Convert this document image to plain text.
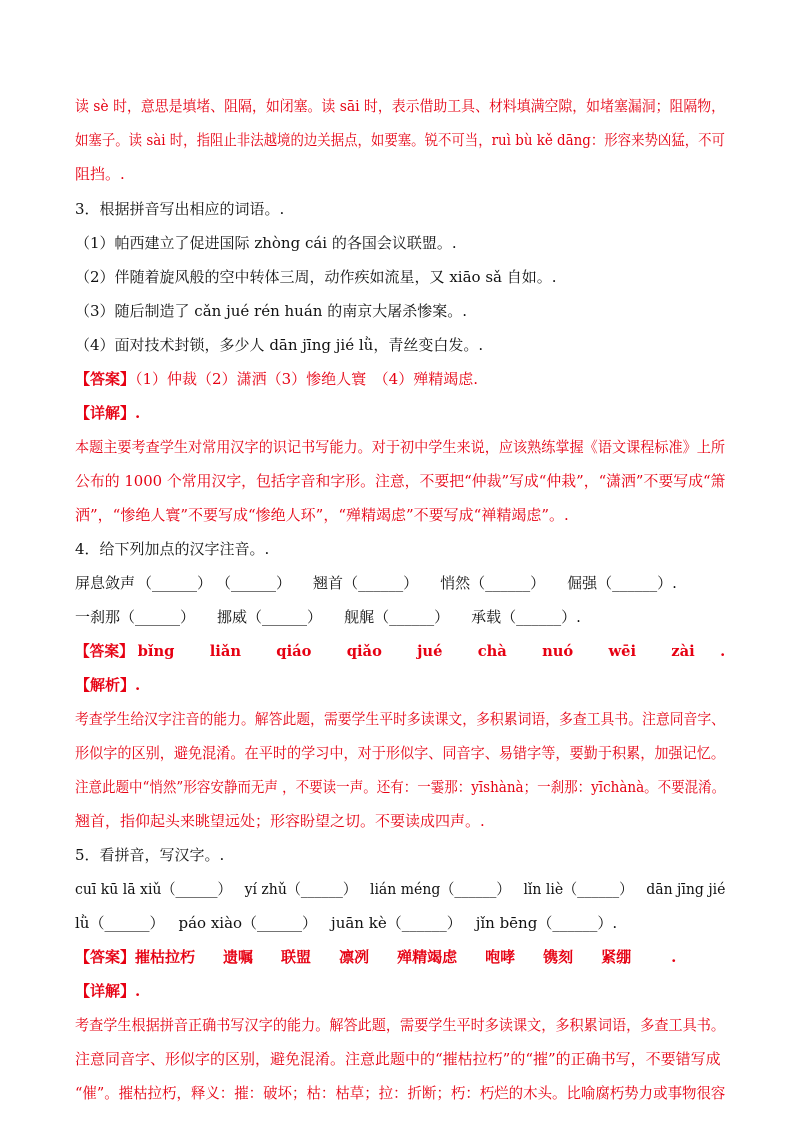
读 sè 时，意思是填堵、阻隔，如闭塞。读 sāi 时，表示借助工具、材料填满空隙，如堵塞漏洞；阻隔物，
如塞子。读 sài 时，指阻止非法越境的边关据点，如要塞。锐不可当，ruì bù kě dāng：形容来势凶猛，不可
阻挡。.
3．根据拼音写出相应的词语。.
（1）帕西建立了促进国际 zhòng cái 的各国会议联盟。.
（2）伴随着旋风般的空中转体三周，动作疾如流星，又 xiāo sǎ 自如。.
（3）随后制造了 cǎn jué rén huán 的南京大屠杀惨案。.
（4）面对技术封锁，多少人 dān jīng jié lǜ，青丝变白发。.
【答案】（1）仲裁（2）潇洒（3）惨绝人寰　（4）殚精竭虑.
【详解】.
本题主要考查学生对常用汉字的识记书写能力。对于初中学生来说，应该熟练掌握《语文课程标准》上所
公布的 1000 个常用汉字，包括字音和字形。注意，不要把“仲裁”写成“仲栽”，“潇洒”不要写成“箫
洒”，“惨绝人寰”不要写成“惨绝人环”，“殚精竭虑”不要写成“禅精竭虑”。.
4．给下列加点的汉字注音。.
屏息敛声 （______） （______） 翘首 （______） 悄然 （______） 倔强 （______） .
一刹那 （______） 挪威 （______） 舰艉 （______） 承载 （______） .
【答案】 bǐng liǎn qiáo qiǎo jué chà nuó wēi zài .
【解析】.
考查学生给汉字注音的能力。解答此题，需要学生平时多读课文，多积累词语，多查工具书。注意同音字、
形似字的区别，避免混淆。在平时的学习中，对于形似字、同音字、易错字等，要勤于积累，加强记忆。
注意此题中“悄然”形容安静而无声 ，不要读一声。还有：一霎那：yīshànà；一刹那：yīchànà。不要混淆。
翘首，指仰起头来眺望远处；形容盼望之切。不要读成四声。.
5．看拼音，写汉字。.
cuī kū lā xiǔ（______） yí zhǔ（______） lián méng（______） lǐn liè（______） dān jīng jié
lǜ（______） páo xiào（______） juān kè（______） jǐn bēng（______） .
【答案】 摧枯拉朽 遗嘱 联盟 凛冽 殚精竭虑 咆哮 镌刻 紧绷	.
【详解】.
考查学生根据拼音正确书写汉字的能力。解答此题，需要学生平时多读课文，多积累词语，多查工具书。
注意同音字、形似字的区别，避免混淆。注意此题中的“摧枯拉朽”的“摧”的正确书写，不要错写成
“催”。摧枯拉朽，释义：摧：破坏；枯：枯草；拉：折断；朽：朽烂的木头。比喻腐朽势力或事物很容
